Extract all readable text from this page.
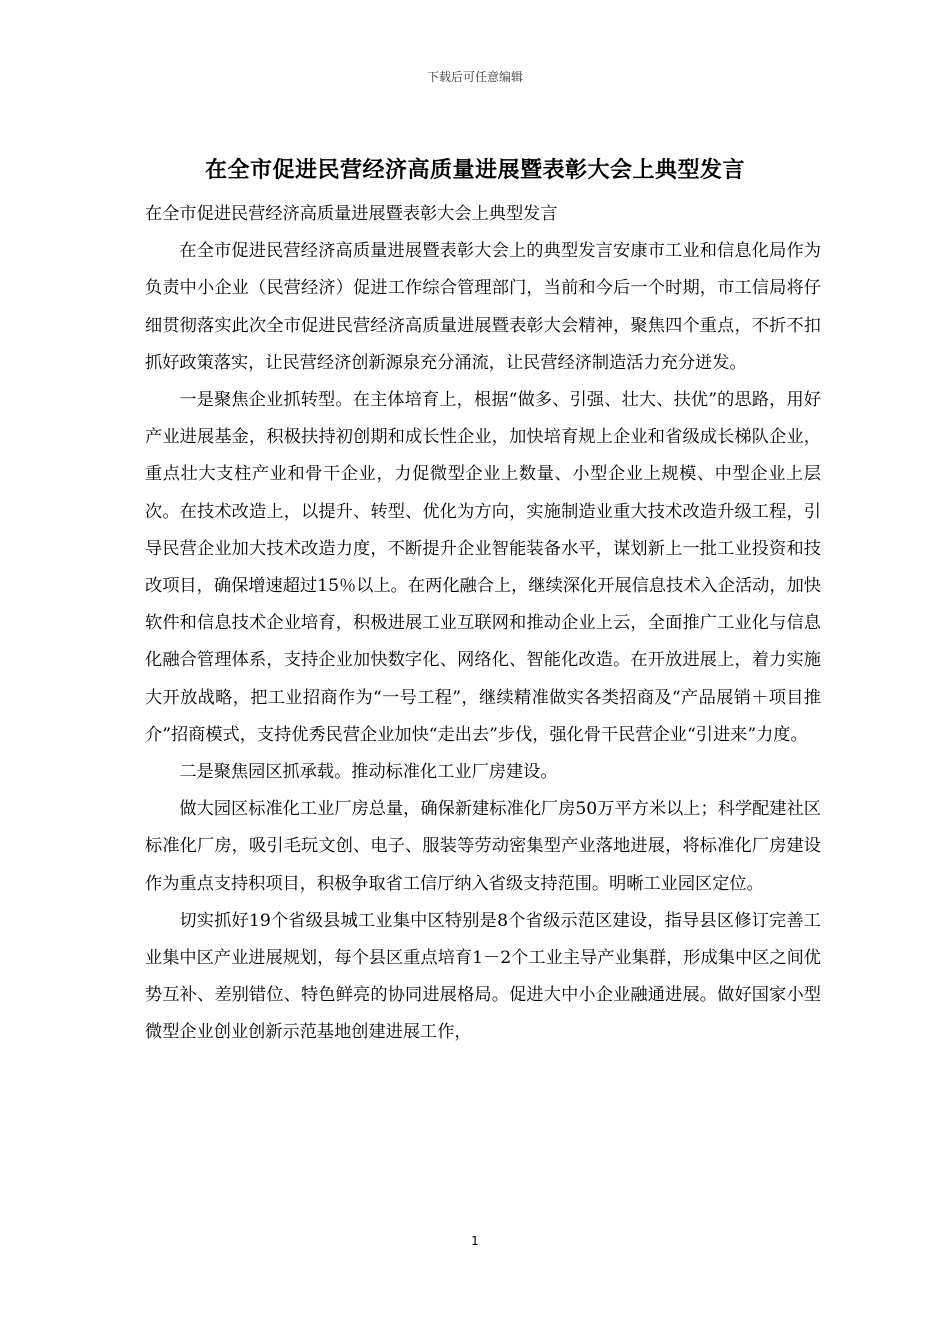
下载后可任意编辑
在全市促进民营经济高质量进展暨表彰大会上典型发言

在全市促进民营经济高质量进展暨表彰大会上典型发言

在全市促进民营经济高质量进展暨表彰大会上的典型发言安康市工业和信息化局作为负责中小企业（民营经济）促进工作综合管理部门，当前和今后一个时期，市工信局将仔细贯彻落实此次全市促进民营经济高质量进展暨表彰大会精神，聚焦四个重点，不折不扣抓好政策落实，让民营经济创新源泉充分涌流，让民营经济制造活力充分迸发。

一是聚焦企业抓转型。在主体培育上，根据“做多、引强、壮大、扶优”的思路，用好产业进展基金，积极扶持初创期和成长性企业，加快培育规上企业和省级成长梯队企业，重点壮大支柱产业和骨干企业，力促微型企业上数量、小型企业上规模、中型企业上层次。在技术改造上，以提升、转型、优化为方向，实施制造业重大技术改造升级工程，引导民营企业加大技术改造力度，不断提升企业智能装备水平，谋划新上一批工业投资和技改项目，确保增速超过15％以上。在两化融合上，继续深化开展信息技术入企活动，加快软件和信息技术企业培育，积极进展工业互联网和推动企业上云，全面推广工业化与信息化融合管理体系，支持企业加快数字化、网络化、智能化改造。在开放进展上，着力实施大开放战略，把工业招商作为“一号工程”，继续精准做实各类招商及“产品展销＋项目推介”招商模式，支持优秀民营企业加快“走出去”步伐，强化骨干民营企业“引进来”力度。

二是聚焦园区抓承载。推动标准化工业厂房建设。

做大园区标准化工业厂房总量，确保新建标准化厂房50万平方米以上；科学配建社区标准化厂房，吸引毛玩文创、电子、服装等劳动密集型产业落地进展，将标准化厂房建设作为重点支持积项目，积极争取省工信厅纳入省级支持范围。明晰工业园区定位。

切实抓好19个省级县城工业集中区特别是8个省级示范区建设，指导县区修订完善工业集中区产业进展规划，每个县区重点培育1－2个工业主导产业集群，形成集中区之间优势互补、差别错位、特色鲜亮的协同进展格局。促进大中小企业融通进展。做好国家小型微型企业创业创新示范基地创建进展工作，

1
